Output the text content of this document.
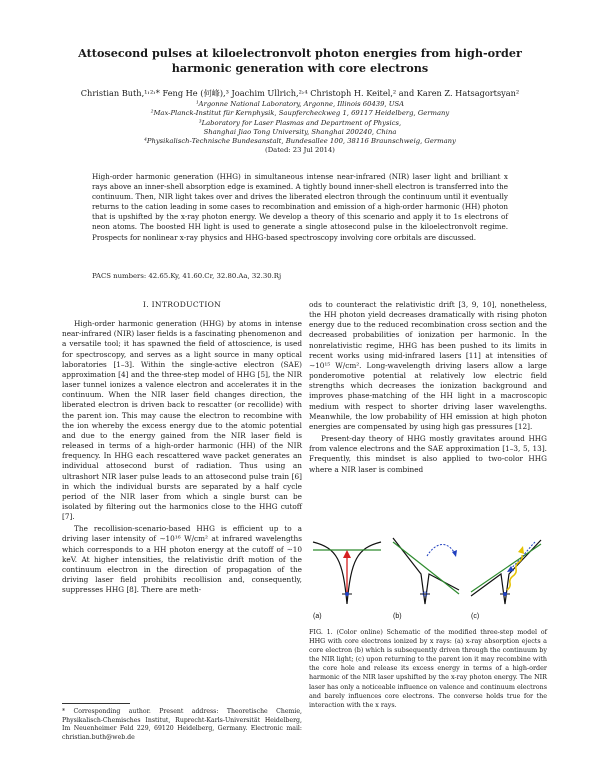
Attosecond pulses at kiloelectronvolt photon energies from high-order harmonic generation with core electrons
Christian Buth,¹˒²˒* Feng He (何峰),³ Joachim Ullrich,²˒⁴ Christoph H. Keitel,² and Karen Z. Hatsagortsyan²
¹Argonne National Laboratory, Argonne, Illinois 60439, USA
²Max-Planck-Institut für Kernphysik, Saupfercheckweg 1, 69117 Heidelberg, Germany
³Laboratory for Laser Plasmas and Department of Physics,
Shanghai Jiao Tong University, Shanghai 200240, China
⁴Physikalisch-Technische Bundesanstalt, Bundesallee 100, 38116 Braunschweig, Germany
(Dated: 23 Jul 2014)
High-order harmonic generation (HHG) in simultaneous intense near-infrared (NIR) laser light and brilliant x rays above an inner-shell absorption edge is examined. A tightly bound inner-shell electron is transferred into the continuum. Then, NIR light takes over and drives the liberated electron through the continuum until it eventually returns to the cation leading in some cases to recombination and emission of a high-order harmonic (HH) photon that is upshifted by the x-ray photon energy. We develop a theory of this scenario and apply it to 1s electrons of neon atoms. The boosted HH light is used to generate a single attosecond pulse in the kiloelectronvolt regime. Prospects for nonlinear x-ray physics and HHG-based spectroscopy involving core orbitals are discussed.
PACS numbers: 42.65.Ky, 41.60.Cr, 32.80.Aa, 32.30.Rj
I. INTRODUCTION

High-order harmonic generation (HHG) by atoms in intense near-infrared (NIR) laser fields is a fascinating phenomenon and a versatile tool; it has spawned the field of attoscience, is used for spectroscopy, and serves as a light source in many optical laboratories [1–3]. Within the single-active electron (SAE) approximation [4] and the three-step model of HHG [5], the NIR laser tunnel ionizes a valence electron and accelerates it in the continuum. When the NIR laser field changes direction, the liberated electron is driven back to rescatter (or recollide) with the parent ion. This may cause the electron to recombine with the ion whereby the excess energy due to the atomic potential and due to the energy gained from the NIR laser field is released in terms of a high-order harmonic (HH) of the NIR frequency. In HHG each rescattered wave packet generates an individual attosecond burst of radiation. Thus using an ultrashort NIR laser pulse leads to an attosecond pulse train [6] in which the individual bursts are separated by a half cycle period of the NIR laser from which a single burst can be isolated by filtering out the harmonics close to the HHG cutoff [7].

The recollision-scenario-based HHG is efficient up to a driving laser intensity of ∼10¹⁶ W/cm² at infrared wavelengths which corresponds to a HH photon energy at the cutoff of ∼10 keV. At higher intensities, the relativistic drift motion of the continuum electron in the direction of propagation of the driving laser field prohibits recollision and, consequently, suppresses HHG [8]. There are meth-

ods to counteract the relativistic drift [3, 9, 10], nonetheless, the HH photon yield decreases dramatically with rising photon energy due to the reduced recombination cross section and the decreased probabilities of ionization per harmonic. In the nonrelativistic regime, HHG has been pushed to its limits in recent works using mid-infrared lasers [11] at intensities of ∼10¹⁵ W/cm². Long-wavelength driving lasers allow a large ponderomotive potential at relatively low electric field strengths which decreases the ionization background and improves phase-matching of the HH light in a macroscopic medium with respect to shorter driving laser wavelengths. Meanwhile, the low probability of HH emission at high photon energies are compensated by using high gas pressures [12].

Present-day theory of HHG mostly gravitates around HHG from valence electrons and the SAE approximation [1–3, 5, 13]. Frequently, this mindset is also applied to two-color HHG where a NIR laser is combined

(a)	(b)	(c)
FIG. 1. (Color online) Schematic of the modified three-step model of HHG with core electrons ionized by x rays: (a) x-ray absorption ejects a core electron (b) which is subsequently driven through the continuum by the NIR light; (c) upon returning to the parent ion it may recombine with the core hole and release its excess energy in terms of a high-order harmonic of the NIR laser upshifted by the x-ray photon energy. The NIR laser has only a noticeable influence on valence and continuum electrons and barely influences core electrons. The converse holds true for the interaction with the x rays.
* Corresponding author. Present address: Theoretische Chemie, Physikalisch-Chemisches Institut, Ruprecht-Karls-Universität Heidelberg, Im Neuenheimer Feld 229, 69120 Heidelberg, Germany. Electronic mail: christian.buth@web.de
